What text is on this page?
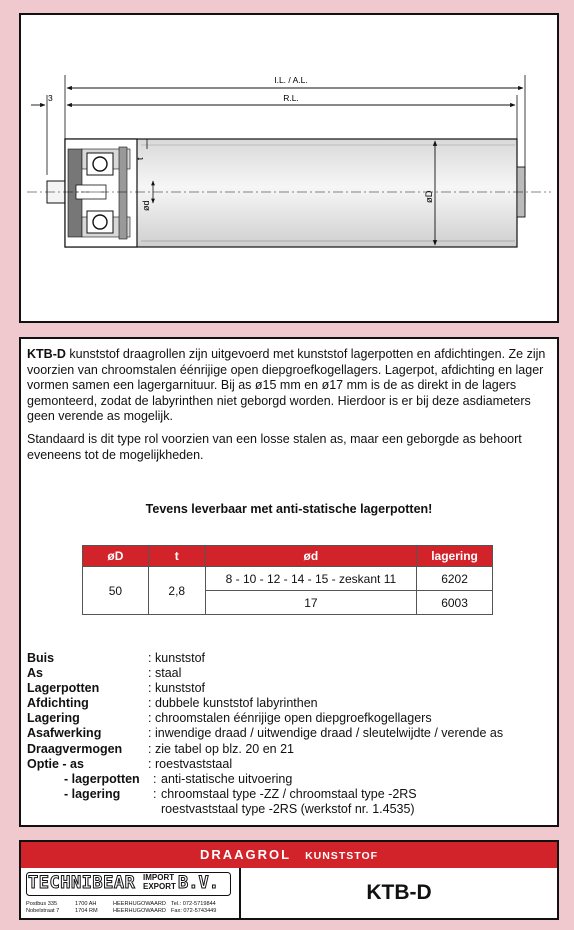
I.L. / A.L.
R.L.
3
t
ød
øD

KTB-D kunststof draagrollen zijn uitgevoerd met kunststof lagerpotten en afdichtingen. Ze zijn voorzien van chroomstalen éénrijige open diepgroefkogellagers. Lagerpot, afdichting en lager vormen samen een lagergarnituur. Bij as ø15 mm en ø17 mm is de as direkt in de lagers gemonteerd, zodat de labyrinthen niet geborgd worden. Hierdoor is er bij deze asdiameters geen verende as mogelijk.

Standaard is dit type rol voorzien van een losse stalen as, maar een geborgde as behoort eveneens tot de mogelijkheden.

Tevens leverbaar met anti-statische lagerpotten!
øD	t	ød	lagering
50	2,8	8 - 10 - 12 - 14 - 15 - zeskant 11	6202
		17	6003
Buis	: kunststof
As	: staal
Lagerpotten	: kunststof
Afdichting	: dubbele kunststof labyrinthen
Lagering	: chroomstalen éénrijige open diepgroefkogellagers
Asafwerking	: inwendige draad / uitwendige draad / sleutelwijdte / verende as
Draagvermogen : zie tabel op blz. 20 en 21
Optie - as	: roestvaststaal
- lagerpotten : anti-statische uitvoering
- lagering	: chroomstaal type -ZZ / chroomstaal type -2RS
roestvaststaal type -2RS (werkstof nr. 1.4535)
DRAAGROL KUNSTSTOF
TECHNIBEAR IMPORT
EXPORT B.V.
Postbus 335
Nobelstraat 7
1700 AH
1704 RM
HEERHUGOWAARD
HEERHUGOWAARD
Tel.: 072-5719844
Fax: 072-5743449
KTB-D
